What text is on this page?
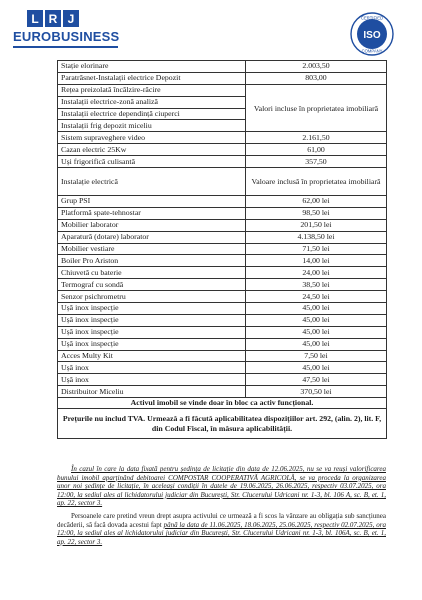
L R J
EUROBUSINESS	ISO
CERTIFIED
COMPANY
Stație elorinare	2.003,50
Paratrăsnet-Instalații electrice Depozit	803,00
Rețea preizolată încălzire-răcire	Valori incluse în proprietatea imobiliară
Instalații electrice-zonă analiză	
Instalații electrice dependință ciuperci	
Instalații frig depozit miceliu	
Sistem supraveghere video	2.161,50
Cazan electric 25Kw	61,00
Uși frigorifică culisantă	357,50
Instalație electrică	Valoare inclusă în proprietatea imobiliară
Grup PSI	62,00 lei
Platformă spate-tehnostar	98,50 lei
Mobilier laborator	201,50 lei
Aparatură (dotare) laborator	4.138,50 lei
Mobilier vestiare	71,50 lei
Boiler Pro Ariston	14,00 lei
Chiuvetă cu baterie	24,00 lei
Termograf cu sondă	38,50 lei
Senzor psichrometru	24,50 lei
Ușă inox inspecție	45,00 lei
Ușă inox inspecție	45,00 lei
Ușă inox inspecție	45,00 lei
Ușă inox inspecție	45,00 lei
Acces Multy Kit	7,50 lei
Ușă inox	45,00 lei
Ușă inox	47,50 lei
Distribuitor Miceliu	370,50 lei
Activul imobil se vinde doar în bloc ca activ funcțional.	
Prețurile nu includ TVA. Urmează a fi făcută aplicabilitatea dispozițiilor art. 292, (alin. 2), lit. F, din Codul Fiscal, în măsura aplicabilității.	
În cazul în care la data fixată pentru ședința de licitație din data de 12.06.2025, nu se va reuși valorificarea bunului imobil aparținând debitoarei COMPOSTAR COOPERATIVĂ AGRICOLĂ, se va proceda la organizarea unor noi ședințe de licitație, în aceleași condiții în datele de 19.06.2025, 26.06.2025, respectiv 03.07.2025, ora 12:00, la sediul ales al lichidatorului judiciar din București, Str. Clucerului Udricani nr. 1-3, bl. 106 A, sc. B, et. 1, ap. 22, sector 3.
Persoanele care pretind vreun drept asupra activului ce urmează a fi scos la vânzare au obligația sub sancțiunea decăderii, să facă dovada acestui fapt până la data de 11.06.2025, 18.06.2025, 25.06.2025, respectiv 02.07.2025, ora 12:00, la sediul ales al lichidatorului judiciar din București, Str. Clucerului Udricani nr. 1-3, bl. 106A, sc. B, et. 1, ap. 22, sector 3.
